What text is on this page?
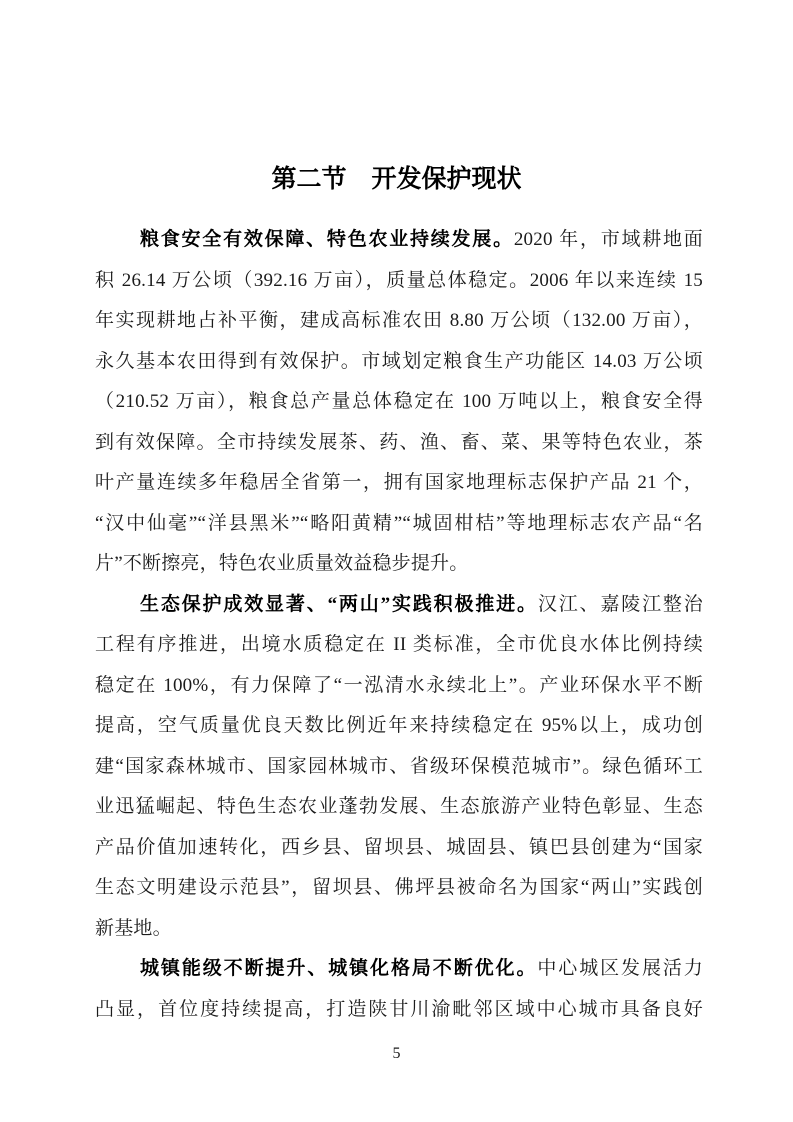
第二节　开发保护现状
粮食安全有效保障、特色农业持续发展。2020 年，市域耕地面
积 26.14 万公顷（392.16 万亩），质量总体稳定。2006 年以来连续 15
年实现耕地占补平衡，建成高标准农田 8.80 万公顷（132.00 万亩），
永久基本农田得到有效保护。市域划定粮食生产功能区 14.03 万公顷
（210.52 万亩），粮食总产量总体稳定在 100 万吨以上，粮食安全得
到有效保障。全市持续发展茶、药、渔、畜、菜、果等特色农业，茶
叶产量连续多年稳居全省第一，拥有国家地理标志保护产品 21 个，
“汉中仙毫”“洋县黑米”“略阳黄精”“城固柑桔”等地理标志农产品“名
片”不断擦亮，特色农业质量效益稳步提升。
生态保护成效显著、“两山”实践积极推进。汉江、嘉陵江整治
工程有序推进，出境水质稳定在 II 类标准，全市优良水体比例持续
稳定在 100%，有力保障了“一泓清水永续北上”。产业环保水平不断
提高，空气质量优良天数比例近年来持续稳定在 95%以上，成功创
建“国家森林城市、国家园林城市、省级环保模范城市”。绿色循环工
业迅猛崛起、特色生态农业蓬勃发展、生态旅游产业特色彰显、生态
产品价值加速转化，西乡县、留坝县、城固县、镇巴县创建为“国家
生态文明建设示范县”，留坝县、佛坪县被命名为国家“两山”实践创
新基地。
城镇能级不断提升、城镇化格局不断优化。中心城区发展活力
凸显，首位度持续提高，打造陕甘川渝毗邻区域中心城市具备良好
5
